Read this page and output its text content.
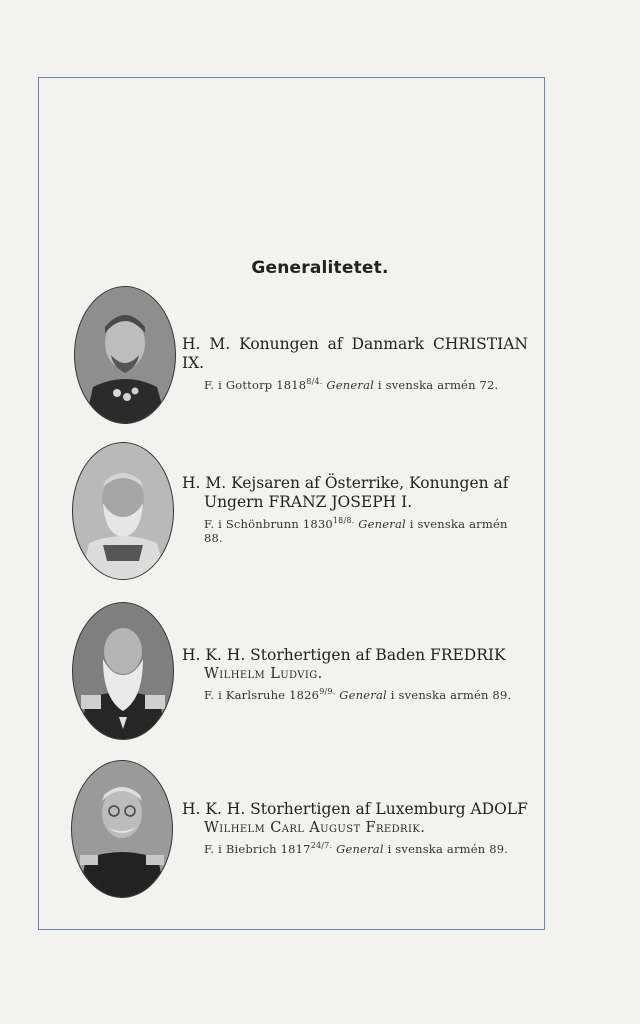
Generalitetet.
H. M. Konungen af Danmark CHRISTIAN IX.
F. i Gottorp $1818^{8/4.}$ General i svenska armén 72.
H. M. Kejsaren af Österrike, Konungen af
Ungern FRANZ JOSEPH I.
F. i Schönbrunn $1830^{18/8.}$ General i svenska armén 88.
H. K. H. Storhertigen af Baden FREDRIK
Wilhelm Ludvig.
F. i Karlsruhe $1826^{9/9.}$ General i svenska armén 89.
H. K. H. Storhertigen af Luxemburg ADOLF
Wilhelm Carl August Fredrik.
F. i Biebrich $1817^{24/7.}$ General i svenska armén 89.
